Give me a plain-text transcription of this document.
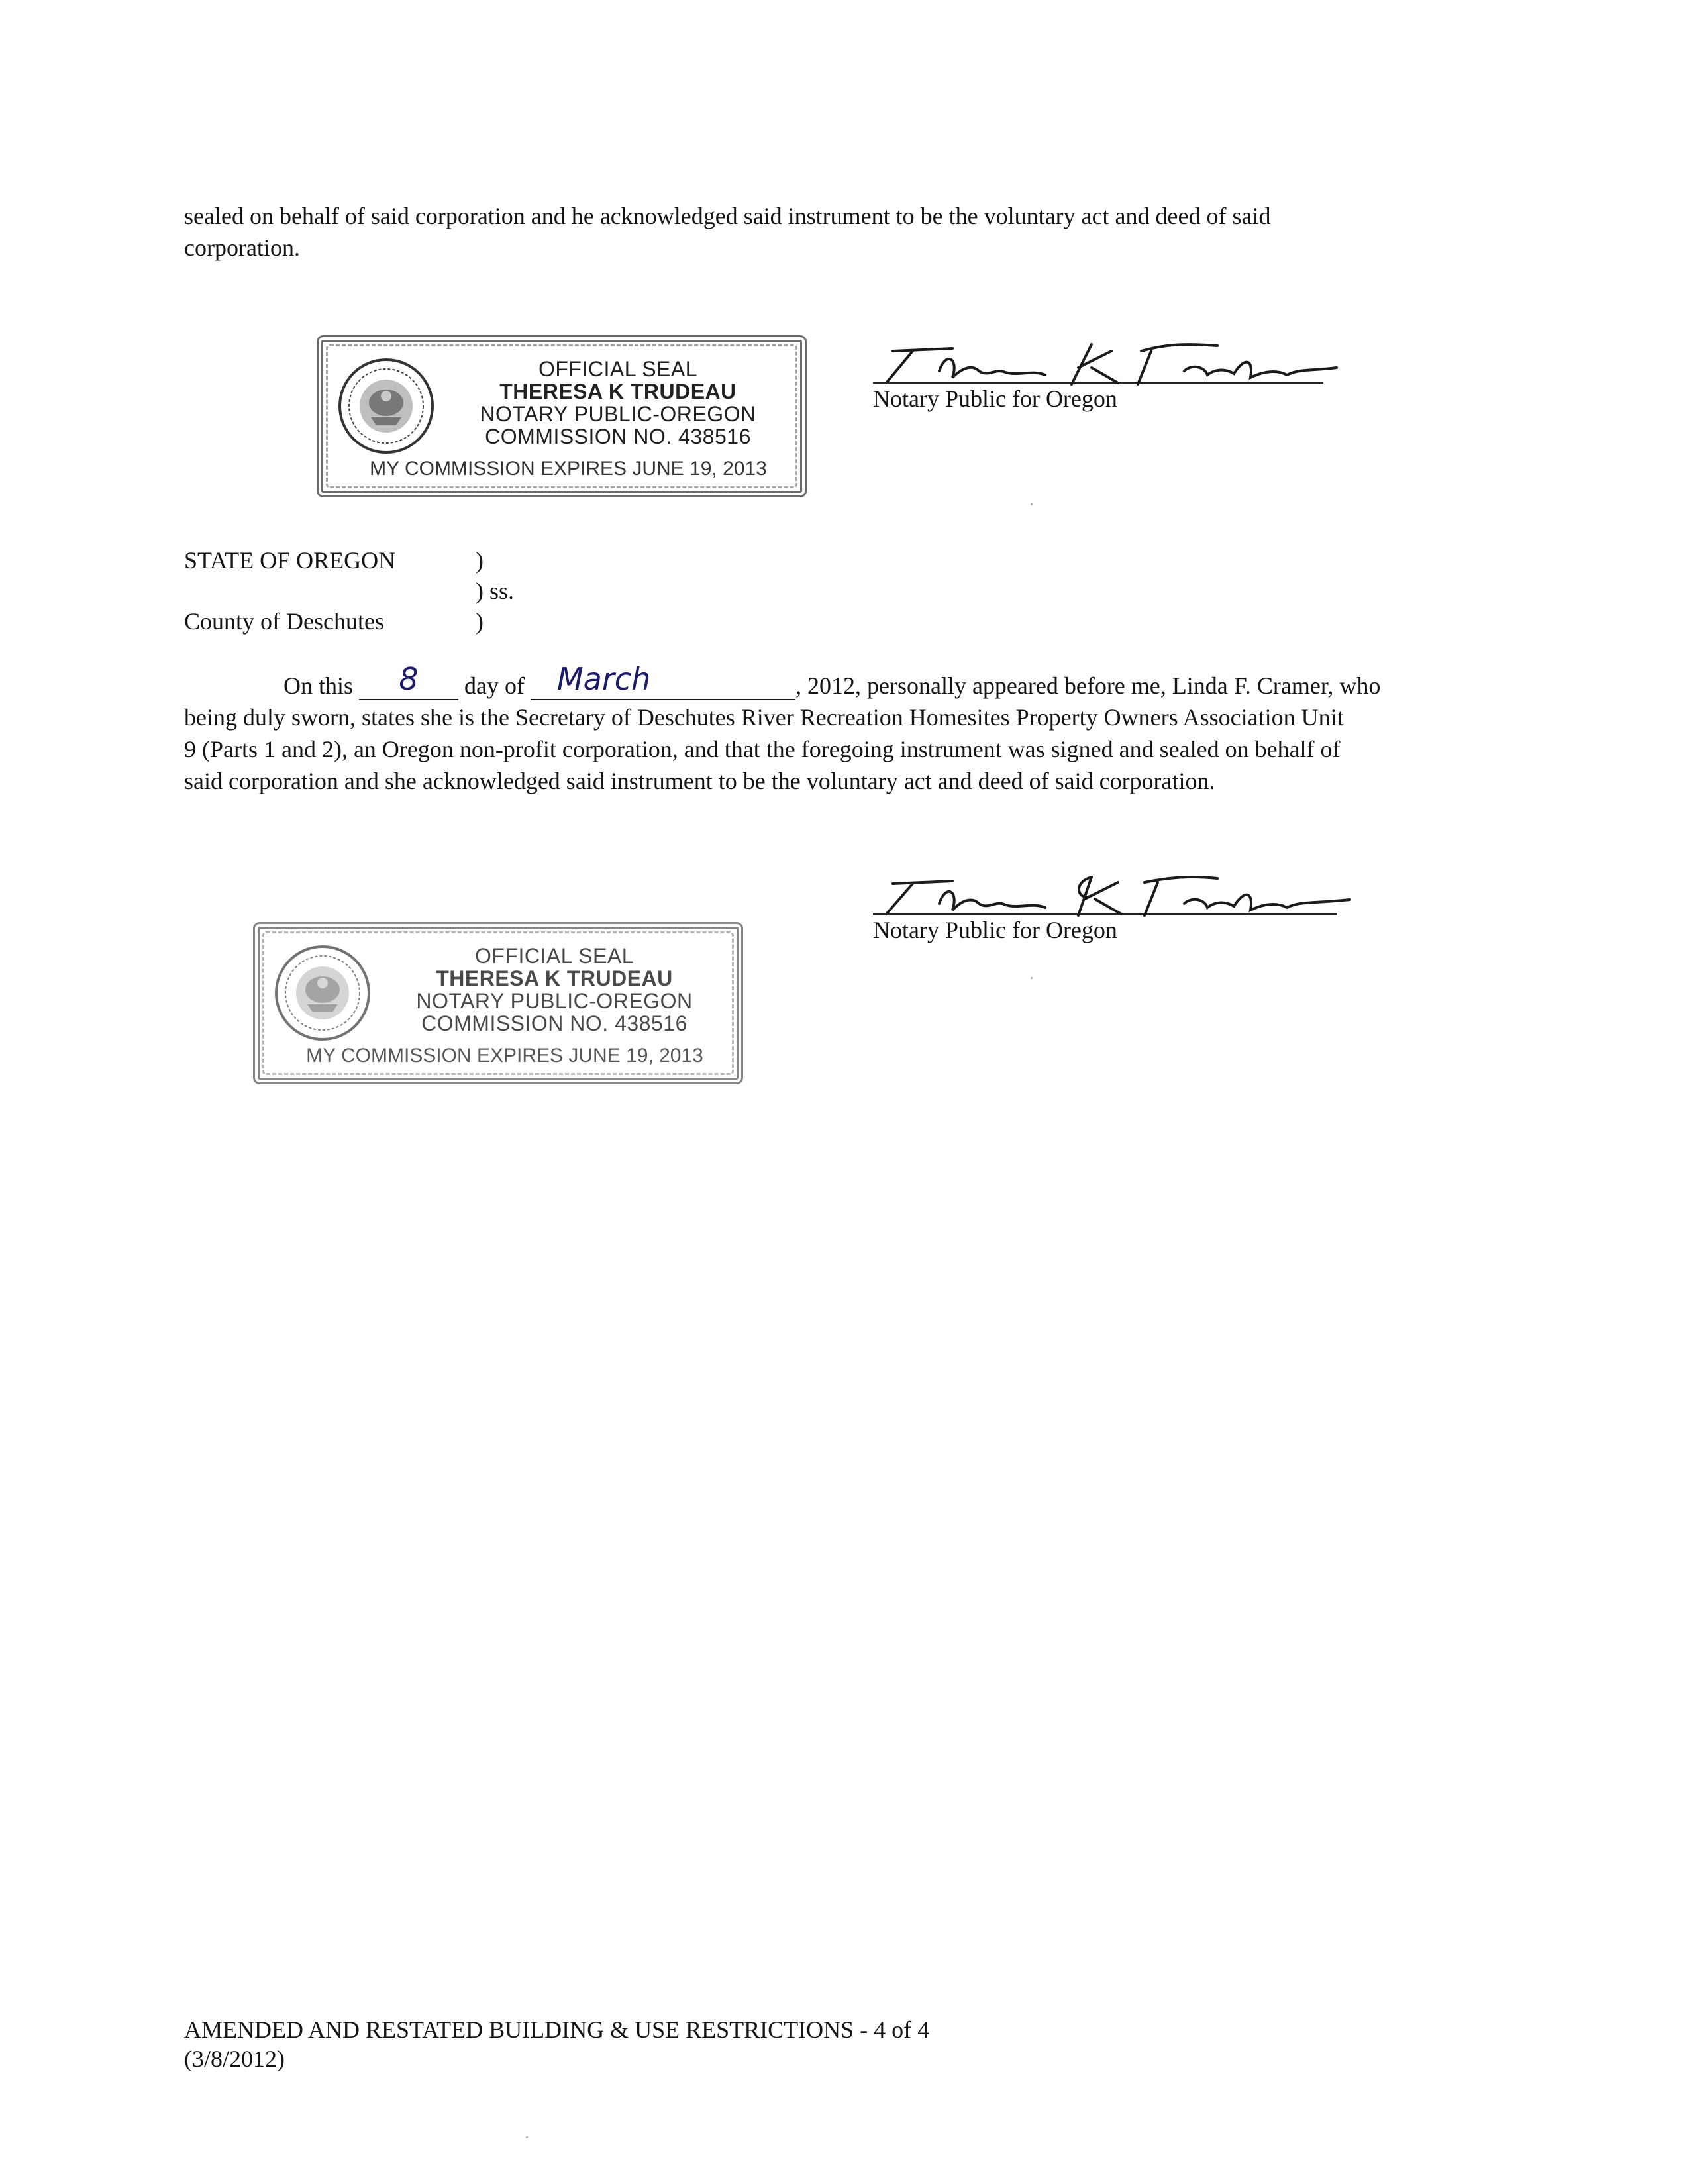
sealed on behalf of said corporation and he acknowledged said instrument to be the voluntary act and deed of said
corporation.
OFFICIAL SEAL
THERESA K TRUDEAU
NOTARY PUBLIC-OREGON
COMMISSION NO. 438516
MY COMMISSION EXPIRES JUNE 19, 2013
Notary Public for Oregon
STATE OF OREGON	)
) ss.
County of Deschutes	)
On this 8 day of March	, 2012, personally appeared before me, Linda F. Cramer, who
being duly sworn, states she is the Secretary of Deschutes River Recreation Homesites Property Owners Association Unit
9 (Parts 1 and 2), an Oregon non-profit corporation, and that the foregoing instrument was signed and sealed on behalf of
said corporation and she acknowledged said instrument to be the voluntary act and deed of said corporation.
Notary Public for Oregon
OFFICIAL SEAL
THERESA K TRUDEAU
NOTARY PUBLIC-OREGON
COMMISSION NO. 438516
MY COMMISSION EXPIRES JUNE 19, 2013
AMENDED AND RESTATED BUILDING & USE RESTRICTIONS - 4 of 4
(3/8/2012)
